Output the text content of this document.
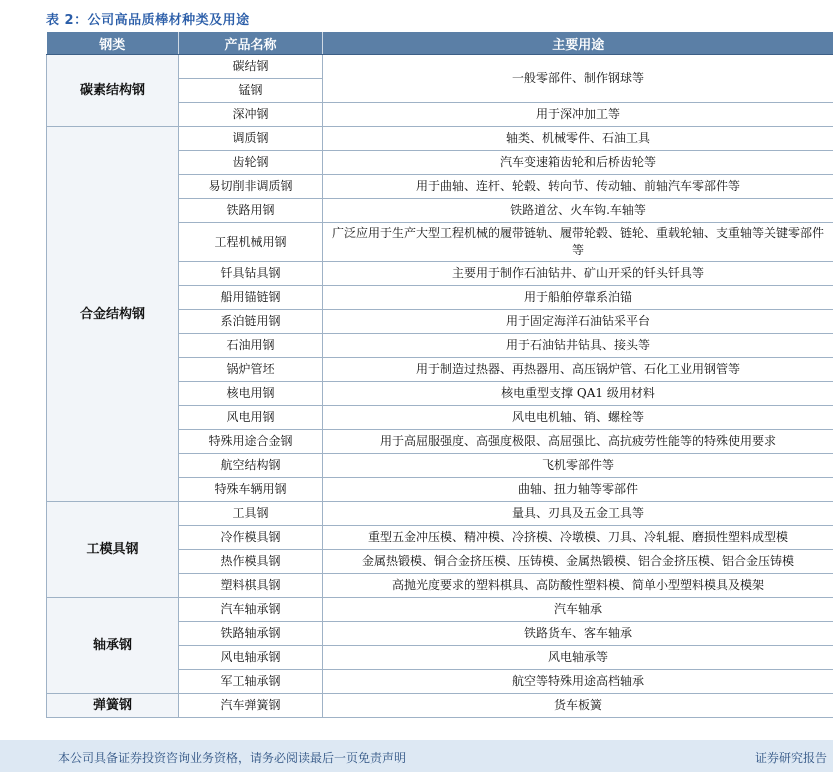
表 2：公司高品质棒材种类及用途
钢类	产品名称	主要用途
碳素结构钢	碳结钢	一般零部件、制作钢球等
	锰钢	
	深冲钢	用于深冲加工等
合金结构钢	调质钢	轴类、机械零件、石油工具
	齿轮钢	汽车变速箱齿轮和后桥齿轮等
	易切削非调质钢	用于曲轴、连杆、轮毂、转向节、传动轴、前轴汽车零部件等
	铁路用钢	铁路道岔、火车钩.车轴等
	工程机械用钢	广泛应用于生产大型工程机械的履带链轨、履带轮毂、链轮、重载轮轴、支重轴等关键零部件等
	钎具钻具钢	主要用于制作石油钻井、矿山开采的钎头钎具等
	船用锚链钢	用于船舶停靠系泊锚
	系泊链用钢	用于固定海洋石油钻采平台
	石油用钢	用于石油钻井钻具、接头等
	锅炉管坯	用于制造过热器、再热器用、高压锅炉管、石化工业用钢管等
	核电用钢	核电重型支撑 QA1 级用材料
	风电用钢	风电电机轴、销、螺栓等
	特殊用途合金钢	用于高屈服强度、高强度极限、高屈强比、高抗疲劳性能等的特殊使用要求
	航空结构钢	飞机零部件等
	特殊车辆用钢	曲轴、扭力轴等零部件
工模具钢	工具钢	量具、刃具及五金工具等
	冷作模具钢	重型五金冲压模、精冲模、冷挤模、冷墩模、刀具、冷轧辊、磨损性塑料成型模
	热作模具钢	金属热锻模、铜合金挤压模、压铸模、金属热锻模、铝合金挤压模、铝合金压铸模
	塑料棋具钢	高抛光度要求的塑料棋具、高防酸性塑料模、简单小型塑料模具及模架
轴承钢	汽车轴承钢	汽车轴承
	铁路轴承钢	铁路货车、客车轴承
	风电轴承钢	风电轴承等
	军工轴承钢	航空等特殊用途高档轴承
弹簧钢	汽车弹簧钢	货车板簧
本公司具备证券投资咨询业务资格，请务必阅读最后一页免责声明	证券研究报告
